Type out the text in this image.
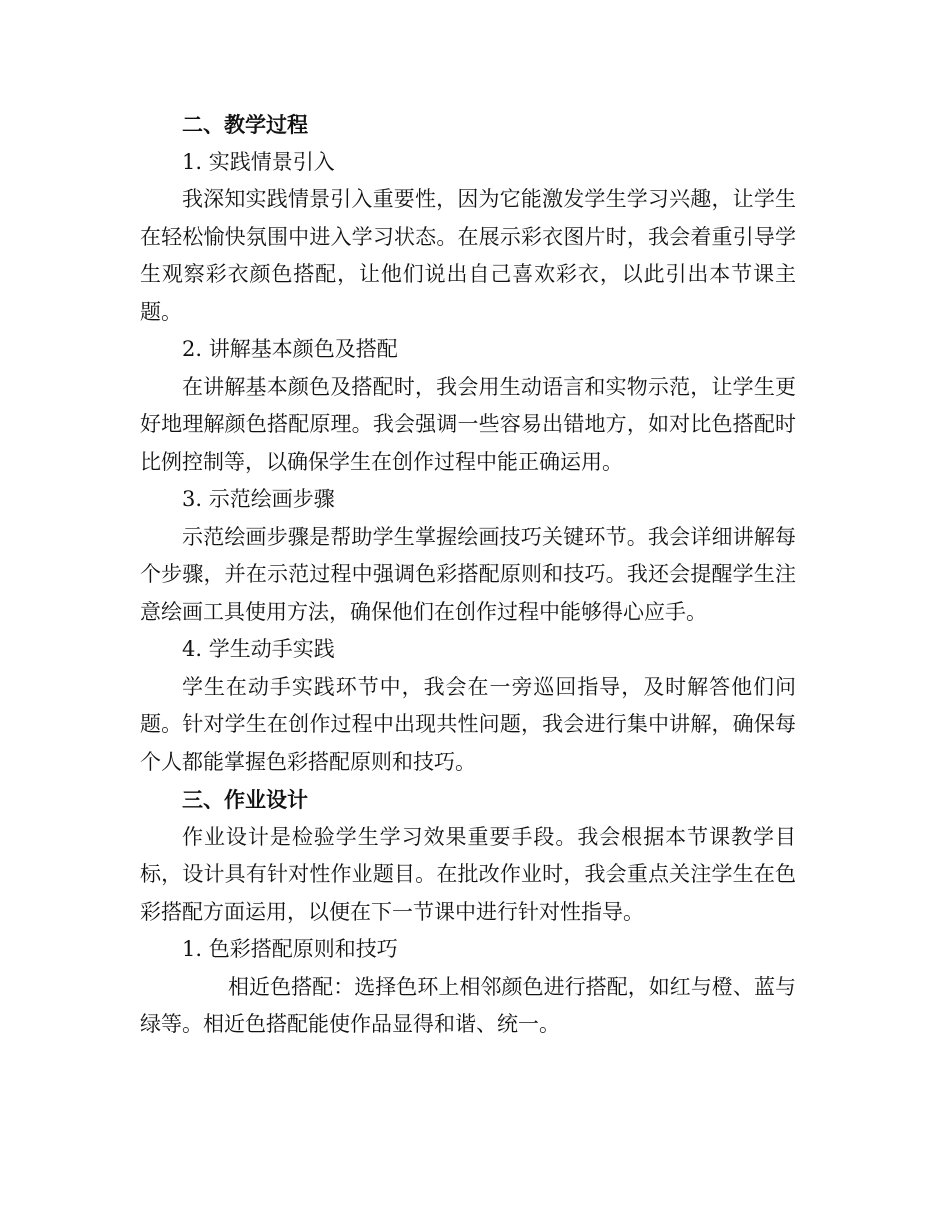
二、教学过程

1. 实践情景引入

我深知实践情景引入重要性，因为它能激发学生学习兴趣，让学生在轻松愉快氛围中进入学习状态。在展示彩衣图片时，我会着重引导学生观察彩衣颜色搭配，让他们说出自己喜欢彩衣，以此引出本节课主题。

2. 讲解基本颜色及搭配

在讲解基本颜色及搭配时，我会用生动语言和实物示范，让学生更好地理解颜色搭配原理。我会强调一些容易出错地方，如对比色搭配时比例控制等，以确保学生在创作过程中能正确运用。

3. 示范绘画步骤

示范绘画步骤是帮助学生掌握绘画技巧关键环节。我会详细讲解每个步骤，并在示范过程中强调色彩搭配原则和技巧。我还会提醒学生注意绘画工具使用方法，确保他们在创作过程中能够得心应手。

4. 学生动手实践

学生在动手实践环节中，我会在一旁巡回指导，及时解答他们问题。针对学生在创作过程中出现共性问题，我会进行集中讲解，确保每个人都能掌握色彩搭配原则和技巧。

三、作业设计

作业设计是检验学生学习效果重要手段。我会根据本节课教学目标，设计具有针对性作业题目。在批改作业时，我会重点关注学生在色彩搭配方面运用，以便在下一节课中进行针对性指导。

1. 色彩搭配原则和技巧

相近色搭配：选择色环上相邻颜色进行搭配，如红与橙、蓝与绿等。相近色搭配能使作品显得和谐、统一。
